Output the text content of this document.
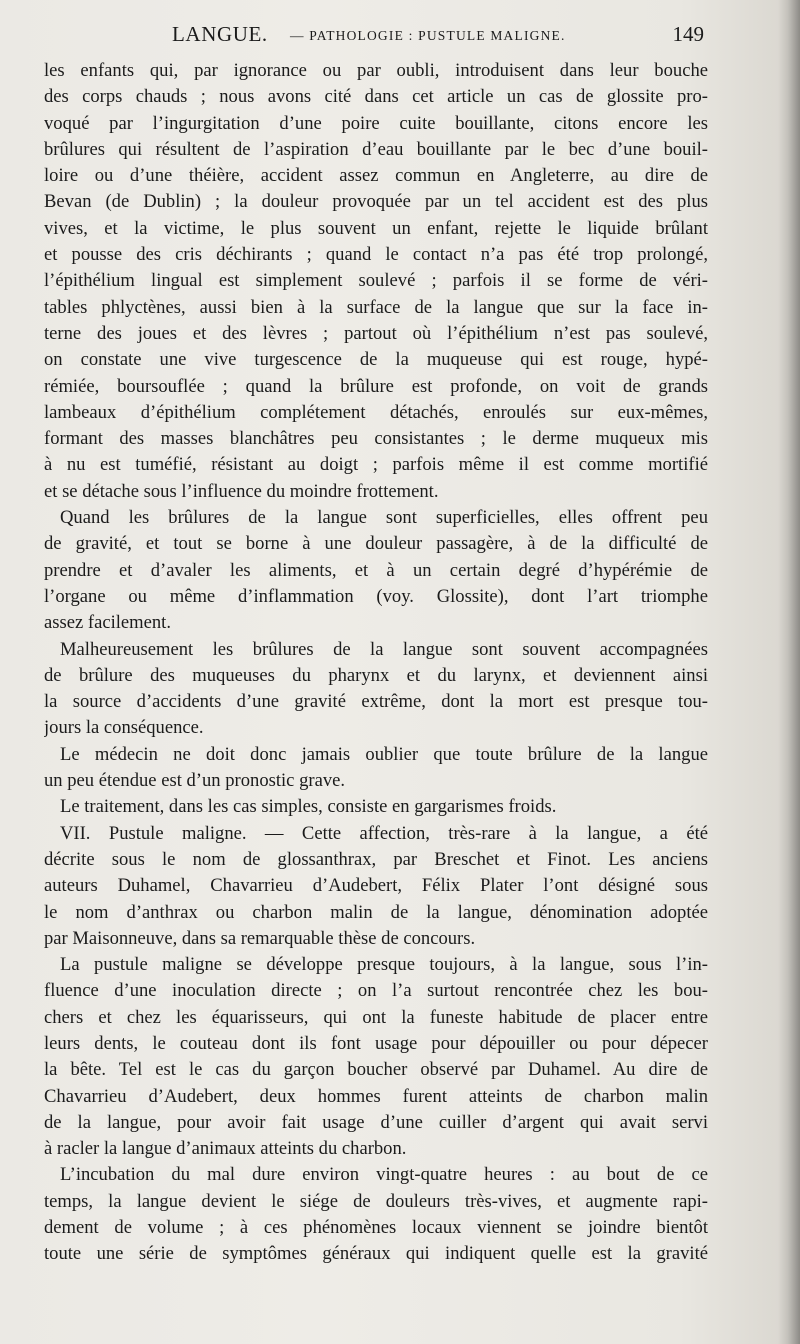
LANGUE. — PATHOLOGIE : PUSTULE MALIGNE.	149
les enfants qui, par ignorance ou par oubli, introduisent dans leur bouche
des corps chauds ; nous avons cité dans cet article un cas de glossite pro-
voqué par l’ingurgitation d’une poire cuite bouillante, citons encore les
brûlures qui résultent de l’aspiration d’eau bouillante par le bec d’une bouil-
loire ou d’une théière, accident assez commun en Angleterre, au dire de
Bevan (de Dublin) ; la douleur provoquée par un tel accident est des plus
vives, et la victime, le plus souvent un enfant, rejette le liquide brûlant
et pousse des cris déchirants ; quand le contact n’a pas été trop prolongé,
l’épithélium lingual est simplement soulevé ; parfois il se forme de véri-
tables phlyctènes, aussi bien à la surface de la langue que sur la face in-
terne des joues et des lèvres ; partout où l’épithélium n’est pas soulevé,
on constate une vive turgescence de la muqueuse qui est rouge, hypé-
rémiée, boursouflée ; quand la brûlure est profonde, on voit de grands
lambeaux d’épithélium complétement détachés, enroulés sur eux-mêmes,
formant des masses blanchâtres peu consistantes ; le derme muqueux mis
à nu est tuméfié, résistant au doigt ; parfois même il est comme mortifié
et se détache sous l’influence du moindre frottement.
Quand les brûlures de la langue sont superficielles, elles offrent peu
de gravité, et tout se borne à une douleur passagère, à de la difficulté de
prendre et d’avaler les aliments, et à un certain degré d’hypérémie de
l’organe ou même d’inflammation (voy. Glossite), dont l’art triomphe
assez facilement.
Malheureusement les brûlures de la langue sont souvent accompagnées
de brûlure des muqueuses du pharynx et du larynx, et deviennent ainsi
la source d’accidents d’une gravité extrême, dont la mort est presque tou-
jours la conséquence.
Le médecin ne doit donc jamais oublier que toute brûlure de la langue
un peu étendue est d’un pronostic grave.
Le traitement, dans les cas simples, consiste en gargarismes froids.
VII. Pustule maligne. — Cette affection, très-rare à la langue, a été
décrite sous le nom de glossanthrax, par Breschet et Finot. Les anciens
auteurs Duhamel, Chavarrieu d’Audebert, Félix Plater l’ont désigné sous
le nom d’anthrax ou charbon malin de la langue, dénomination adoptée
par Maisonneuve, dans sa remarquable thèse de concours.
La pustule maligne se développe presque toujours, à la langue, sous l’in-
fluence d’une inoculation directe ; on l’a surtout rencontrée chez les bou-
chers et chez les équarisseurs, qui ont la funeste habitude de placer entre
leurs dents, le couteau dont ils font usage pour dépouiller ou pour dépecer
la bête. Tel est le cas du garçon boucher observé par Duhamel. Au dire de
Chavarrieu d’Audebert, deux hommes furent atteints de charbon malin
de la langue, pour avoir fait usage d’une cuiller d’argent qui avait servi
à racler la langue d’animaux atteints du charbon.
L’incubation du mal dure environ vingt-quatre heures : au bout de ce
temps, la langue devient le siége de douleurs très-vives, et augmente rapi-
dement de volume ; à ces phénomènes locaux viennent se joindre bientôt
toute une série de symptômes généraux qui indiquent quelle est la gravité
